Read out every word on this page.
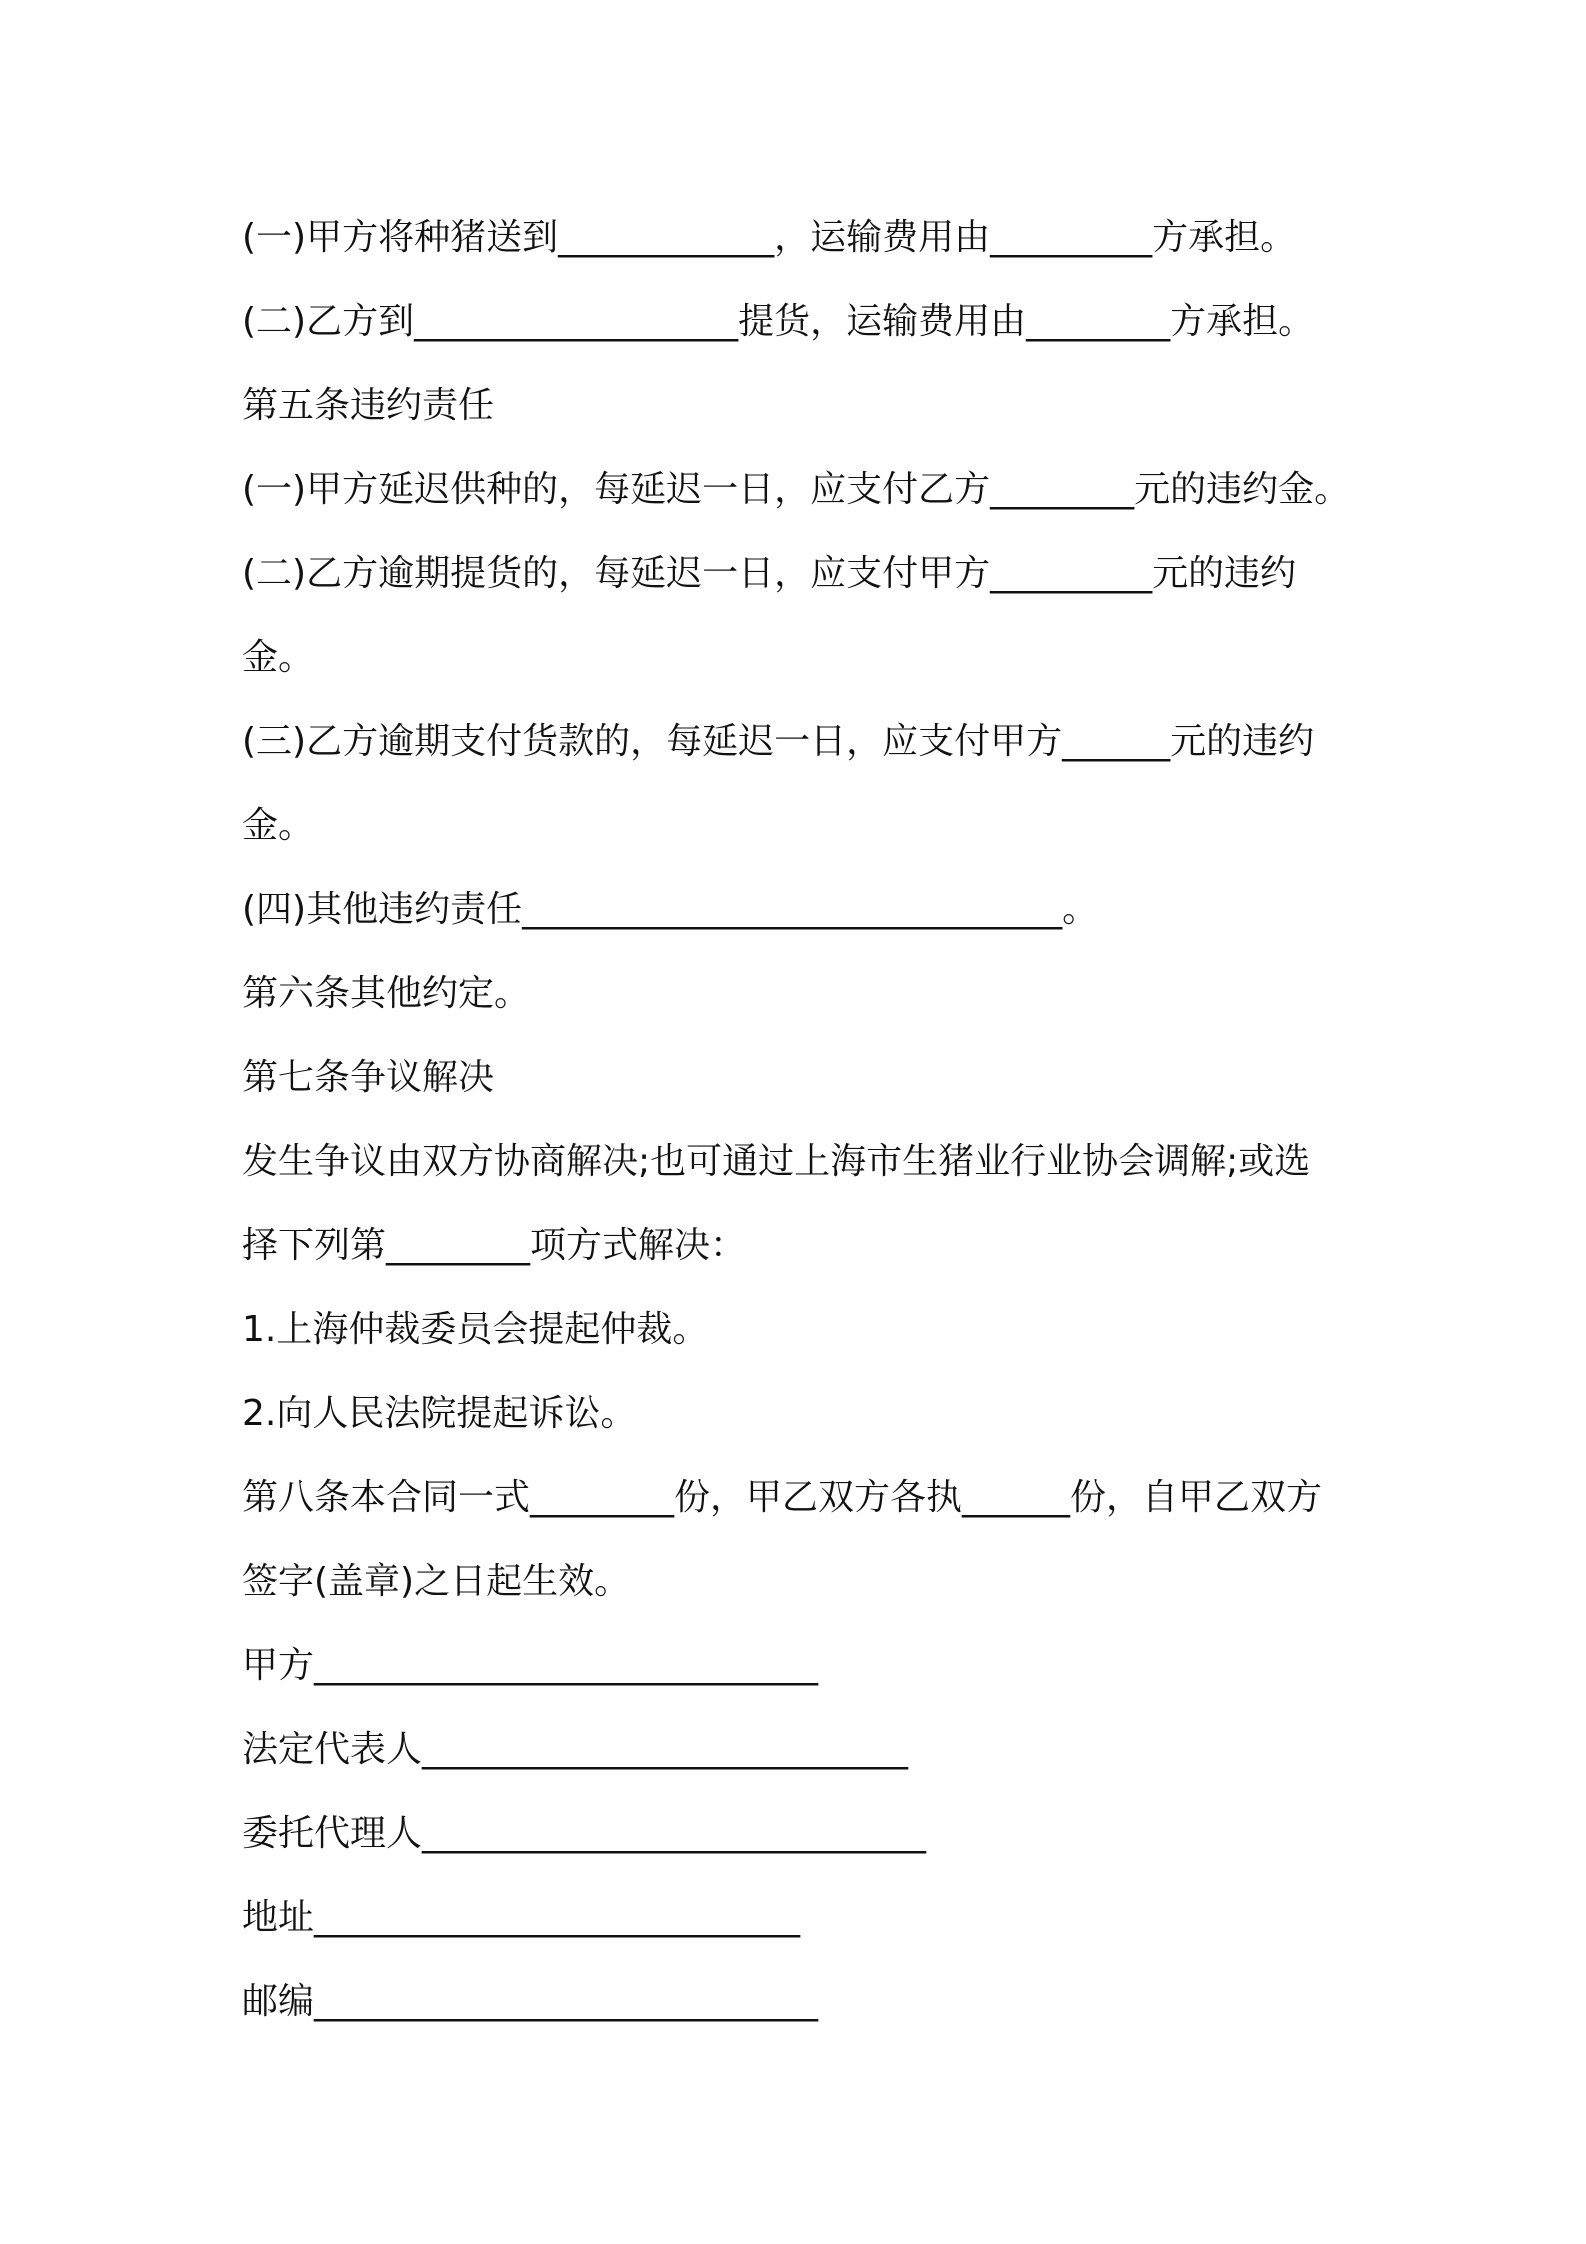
(一)甲方将种猪送到____________，运输费用由_________方承担。
(二)乙方到__________________提货，运输费用由________方承担。
第五条违约责任
(一)甲方延迟供种的，每延迟一日，应支付乙方________元的违约金。
(二)乙方逾期提货的，每延迟一日，应支付甲方_________元的违约
金。
(三)乙方逾期支付货款的，每延迟一日，应支付甲方______元的违约
金。
(四)其他违约责任______________________________。
第六条其他约定。
第七条争议解决
发生争议由双方协商解决;也可通过上海市生猪业行业协会调解;或选
择下列第________项方式解决：
1.上海仲裁委员会提起仲裁。
2.向人民法院提起诉讼。
第八条本合同一式________份，甲乙双方各执______份，自甲乙双方
签字(盖章)之日起生效。
甲方____________________________
法定代表人___________________________
委托代理人____________________________
地址___________________________
邮编____________________________
